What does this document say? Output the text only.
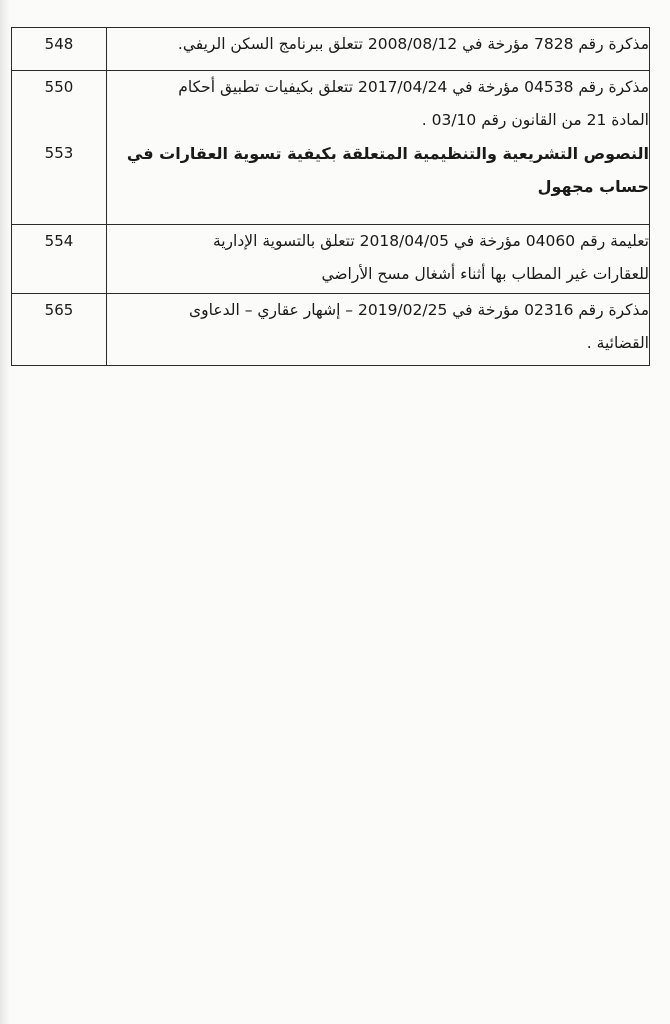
مذكرة رقم 7828 مؤرخة في 2008/08/12 تتعلق ببرنامج السكن الريفي.	548

مذكرة رقم 04538 مؤرخة في 2017/04/24 تتعلق بكيفيات تطبيق أحكام
المادة 21 من القانون رقم 03/10 .	550

النصوص التشريعية والتنظيمية المتعلقة بكيفية تسوية العقارات في
حساب مجهول	553

تعليمة رقم 04060 مؤرخة في 2018/04/05 تتعلق بالتسوية الإدارية
للعقارات غير المطاب بها أثناء أشغال مسح الأراضي	554

مذكرة رقم 02316 مؤرخة في 2019/02/25 – إشهار عقاري – الدعاوى
القضائية .	565
